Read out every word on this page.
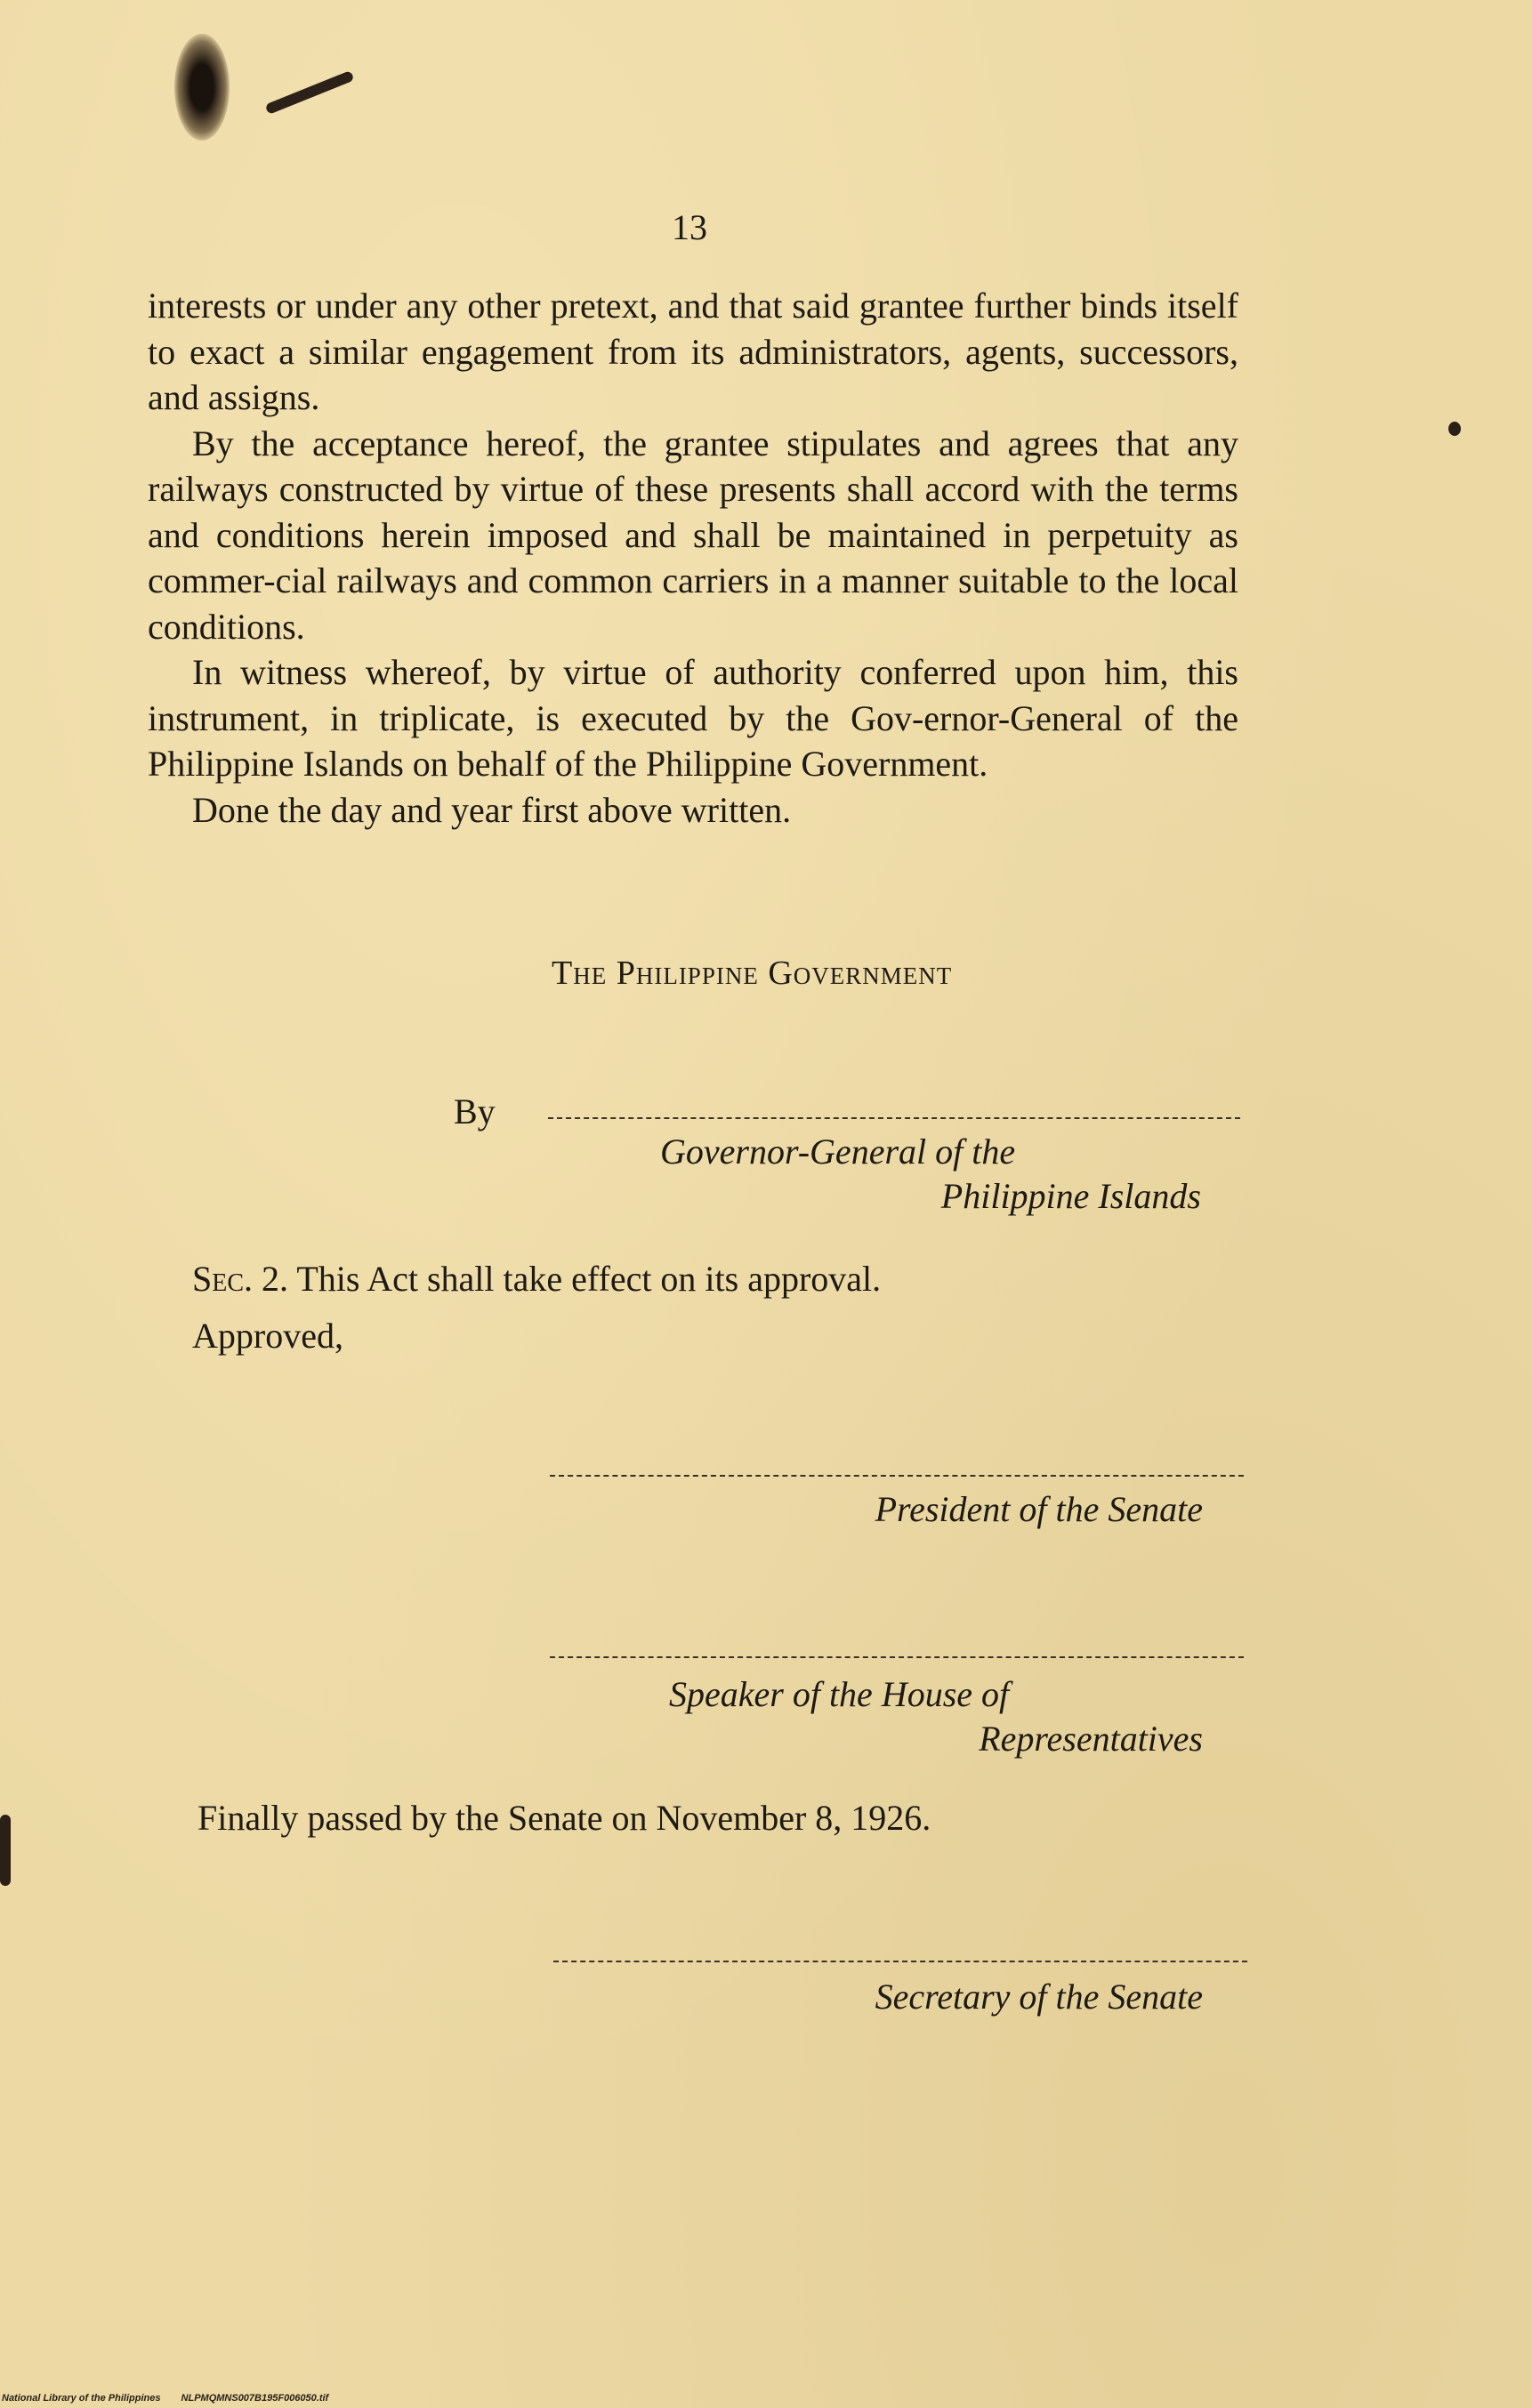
13

interests or under any other pretext, and that said grantee further binds itself to exact a similar engagement from its administrators, agents, successors, and assigns.

By the acceptance hereof, the grantee stipulates and agrees that any railways constructed by virtue of these presents shall accord with the terms and conditions herein imposed and shall be maintained in perpetuity as commer-cial railways and common carriers in a manner suitable to the local conditions.

In witness whereof, by virtue of authority conferred upon him, this instrument, in triplicate, is executed by the Gov-ernor-General of the Philippine Islands on behalf of the Philippine Government.

Done the day and year first above written.

The Philippine Government
By
Governor-General of the
Philippine Islands
Sec. 2. This Act shall take effect on its approval.
Approved,
President of the Senate
Speaker of the House of
Representatives
Finally passed by the Senate on November 8, 1926.
Secretary of the Senate
National Library of the Philippines NLPMQMNS007B195F006050.tif
